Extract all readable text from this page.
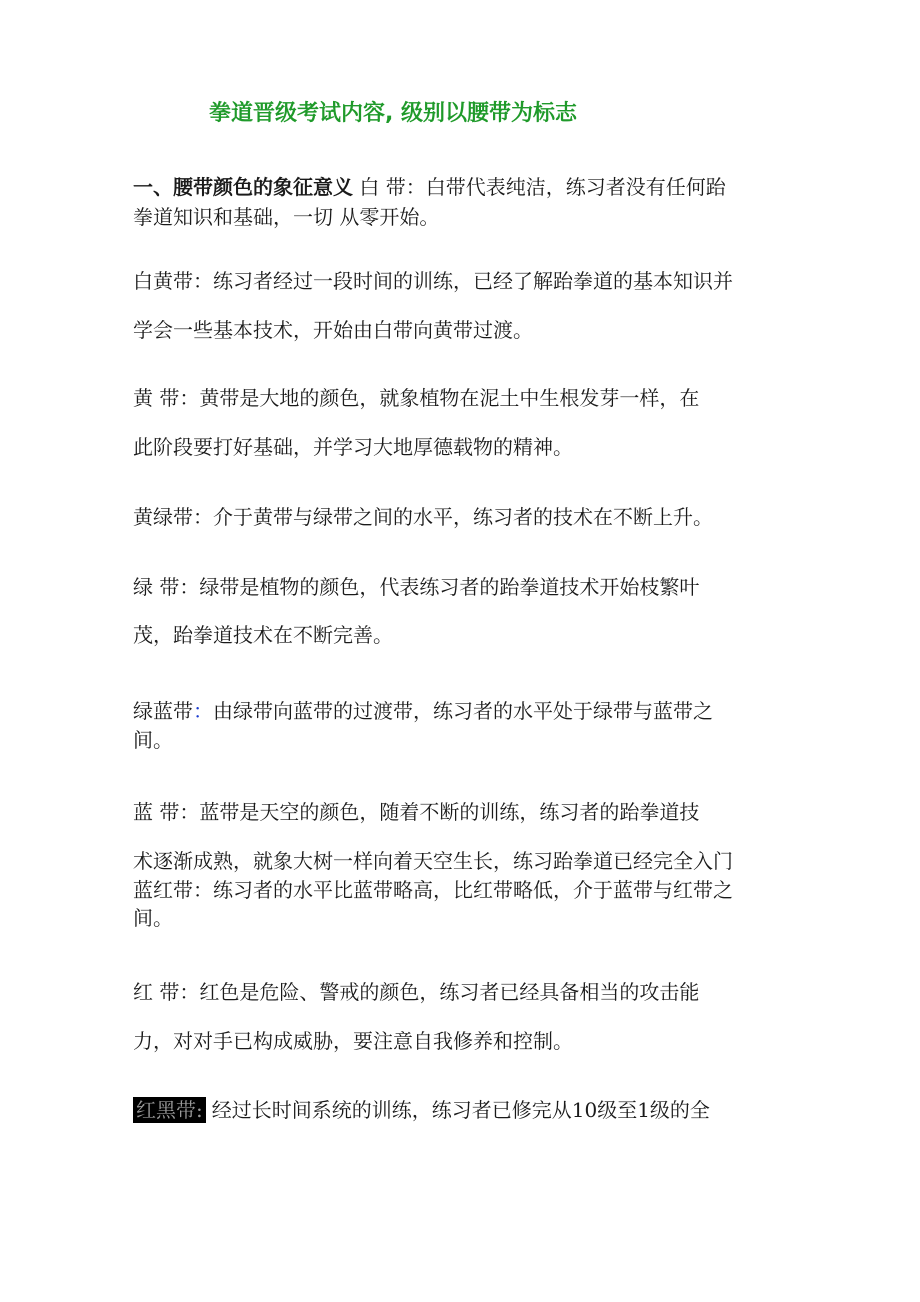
拳道晋级考试内容, 级别以腰带为标志

一、腰带颜色的象征意义 白 带：白带代表纯洁，练习者没有任何跆

拳道知识和基础，一切 从零开始。

白黄带：练习者经过一段时间的训练，已经了解跆拳道的基本知识并

学会一些基本技术，开始由白带向黄带过渡。

黄 带：黄带是大地的颜色，就象植物在泥土中生根发芽一样，在

此阶段要打好基础，并学习大地厚德载物的精神。

黄绿带：介于黄带与绿带之间的水平，练习者的技术在不断上升。

绿 带：绿带是植物的颜色，代表练习者的跆拳道技术开始枝繁叶

茂，跆拳道技术在不断完善。

绿蓝带：由绿带向蓝带的过渡带，练习者的水平处于绿带与蓝带之

间。

蓝 带：蓝带是天空的颜色，随着不断的训练，练习者的跆拳道技

术逐渐成熟，就象大树一样向着天空生长，练习跆拳道已经完全入门

蓝红带：练习者的水平比蓝带略高，比红带略低，介于蓝带与红带之

间。

红 带：红色是危险、警戒的颜色，练习者已经具备相当的攻击能

力，对对手已构成威胁，要注意自我修养和控制。

红黑带: 经过长时间系统的训练，练习者已修完从10级至1级的全
